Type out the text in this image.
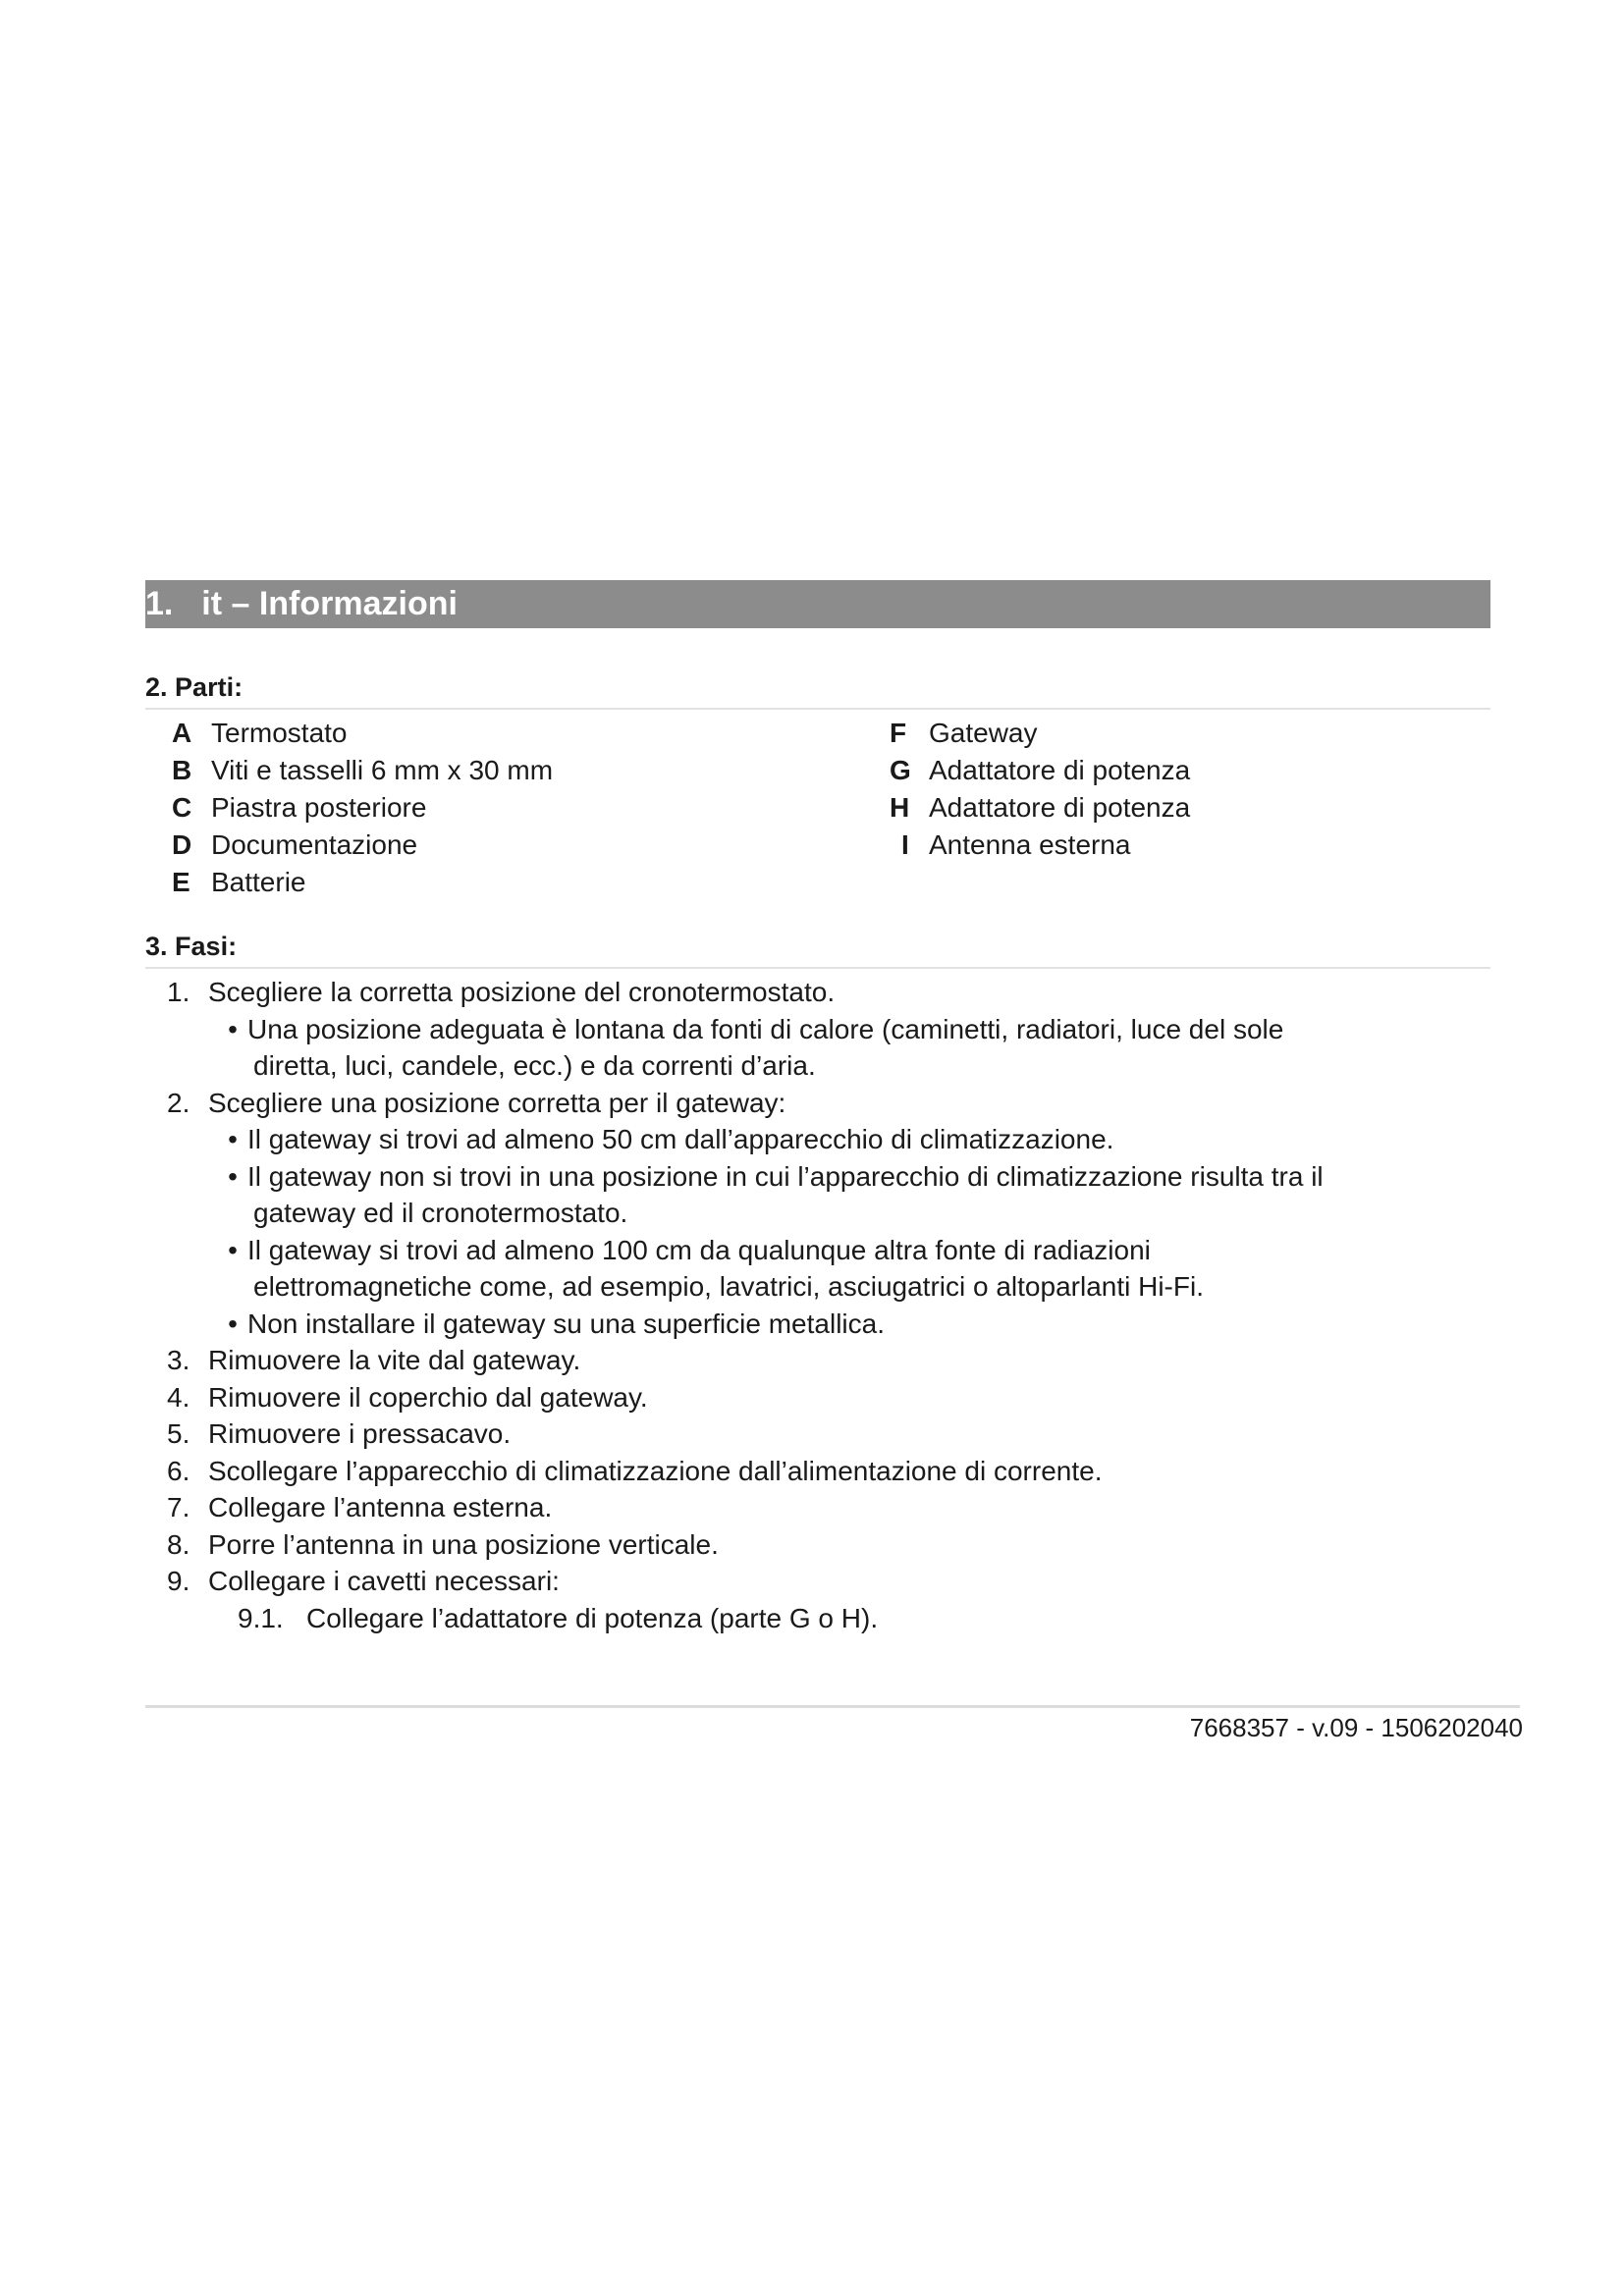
1. it – Informazioni
2. Parti:
A Termostato
B Viti e tasselli 6 mm x 30 mm
C Piastra posteriore
D Documentazione
E Batterie
F Gateway
G Adattatore di potenza
H Adattatore di potenza
I Antenna esterna
3. Fasi:
1. Scegliere la corretta posizione del cronotermostato.
• Una posizione adeguata è lontana da fonti di calore (caminetti, radiatori, luce del sole
diretta, luci, candele, ecc.) e da correnti d’aria.
2. Scegliere una posizione corretta per il gateway:
• Il gateway si trovi ad almeno 50 cm dall’apparecchio di climatizzazione.
• Il gateway non si trovi in una posizione in cui l’apparecchio di climatizzazione risulta tra il
gateway ed il cronotermostato.
• Il gateway si trovi ad almeno 100 cm da qualunque altra fonte di radiazioni
elettromagnetiche come, ad esempio, lavatrici, asciugatrici o altoparlanti Hi-Fi.
• Non installare il gateway su una superficie metallica.
3. Rimuovere la vite dal gateway.
4. Rimuovere il coperchio dal gateway.
5. Rimuovere i pressacavo.
6. Scollegare l’apparecchio di climatizzazione dall’alimentazione di corrente.
7. Collegare l’antenna esterna.
8. Porre l’antenna in una posizione verticale.
9. Collegare i cavetti necessari:
9.1. Collegare l’adattatore di potenza (parte G o H).
7668357 - v.09 - 1506202040
